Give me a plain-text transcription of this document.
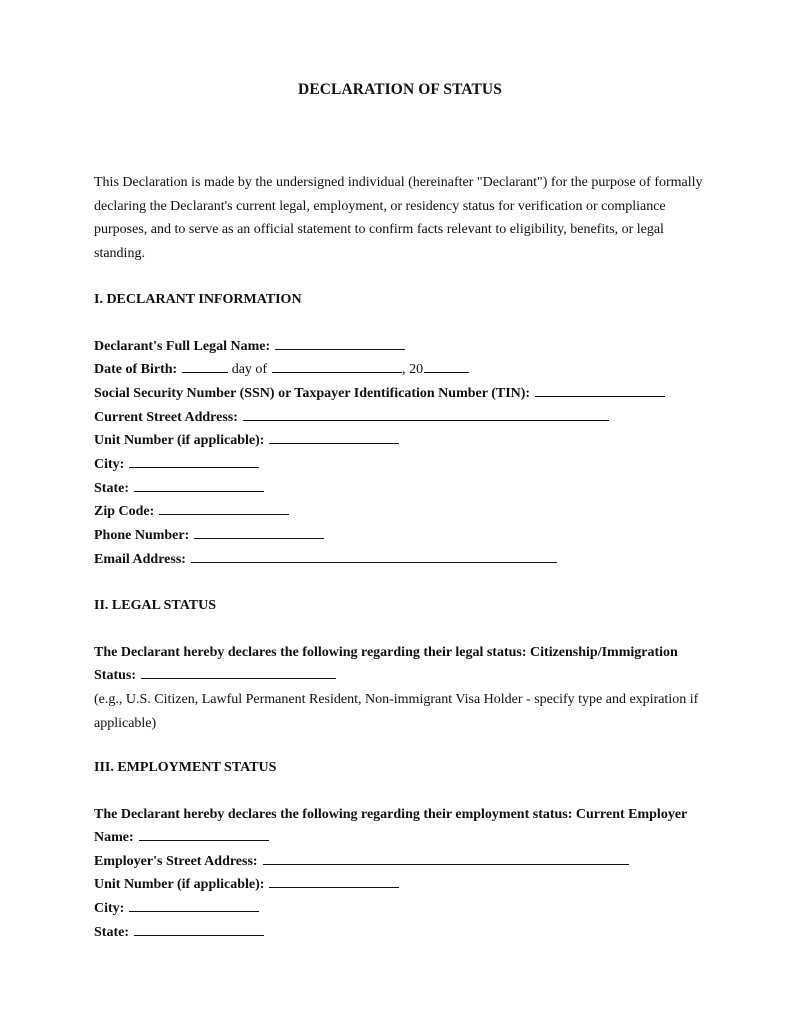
DECLARATION OF STATUS

This Declaration is made by the undersigned individual (hereinafter "Declarant") for the purpose of formally declaring the Declarant's current legal, employment, or residency status for verification or compliance purposes, and to serve as an official statement to confirm facts relevant to eligibility, benefits, or legal standing.

I. DECLARANT INFORMATION

Declarant's Full Legal Name:
Date of Birth:	day of	, 20
Social Security Number (SSN) or Taxpayer Identification Number (TIN):
Current Street Address:
Unit Number (if applicable):
City:
State:
Zip Code:
Phone Number:
Email Address:

II. LEGAL STATUS

The Declarant hereby declares the following regarding their legal status: Citizenship/Immigration
Status:

(e.g., U.S. Citizen, Lawful Permanent Resident, Non-immigrant Visa Holder - specify type and expiration if applicable)

III. EMPLOYMENT STATUS

The Declarant hereby declares the following regarding their employment status: Current Employer
Name:
Employer's Street Address:
Unit Number (if applicable):
City:
State:
